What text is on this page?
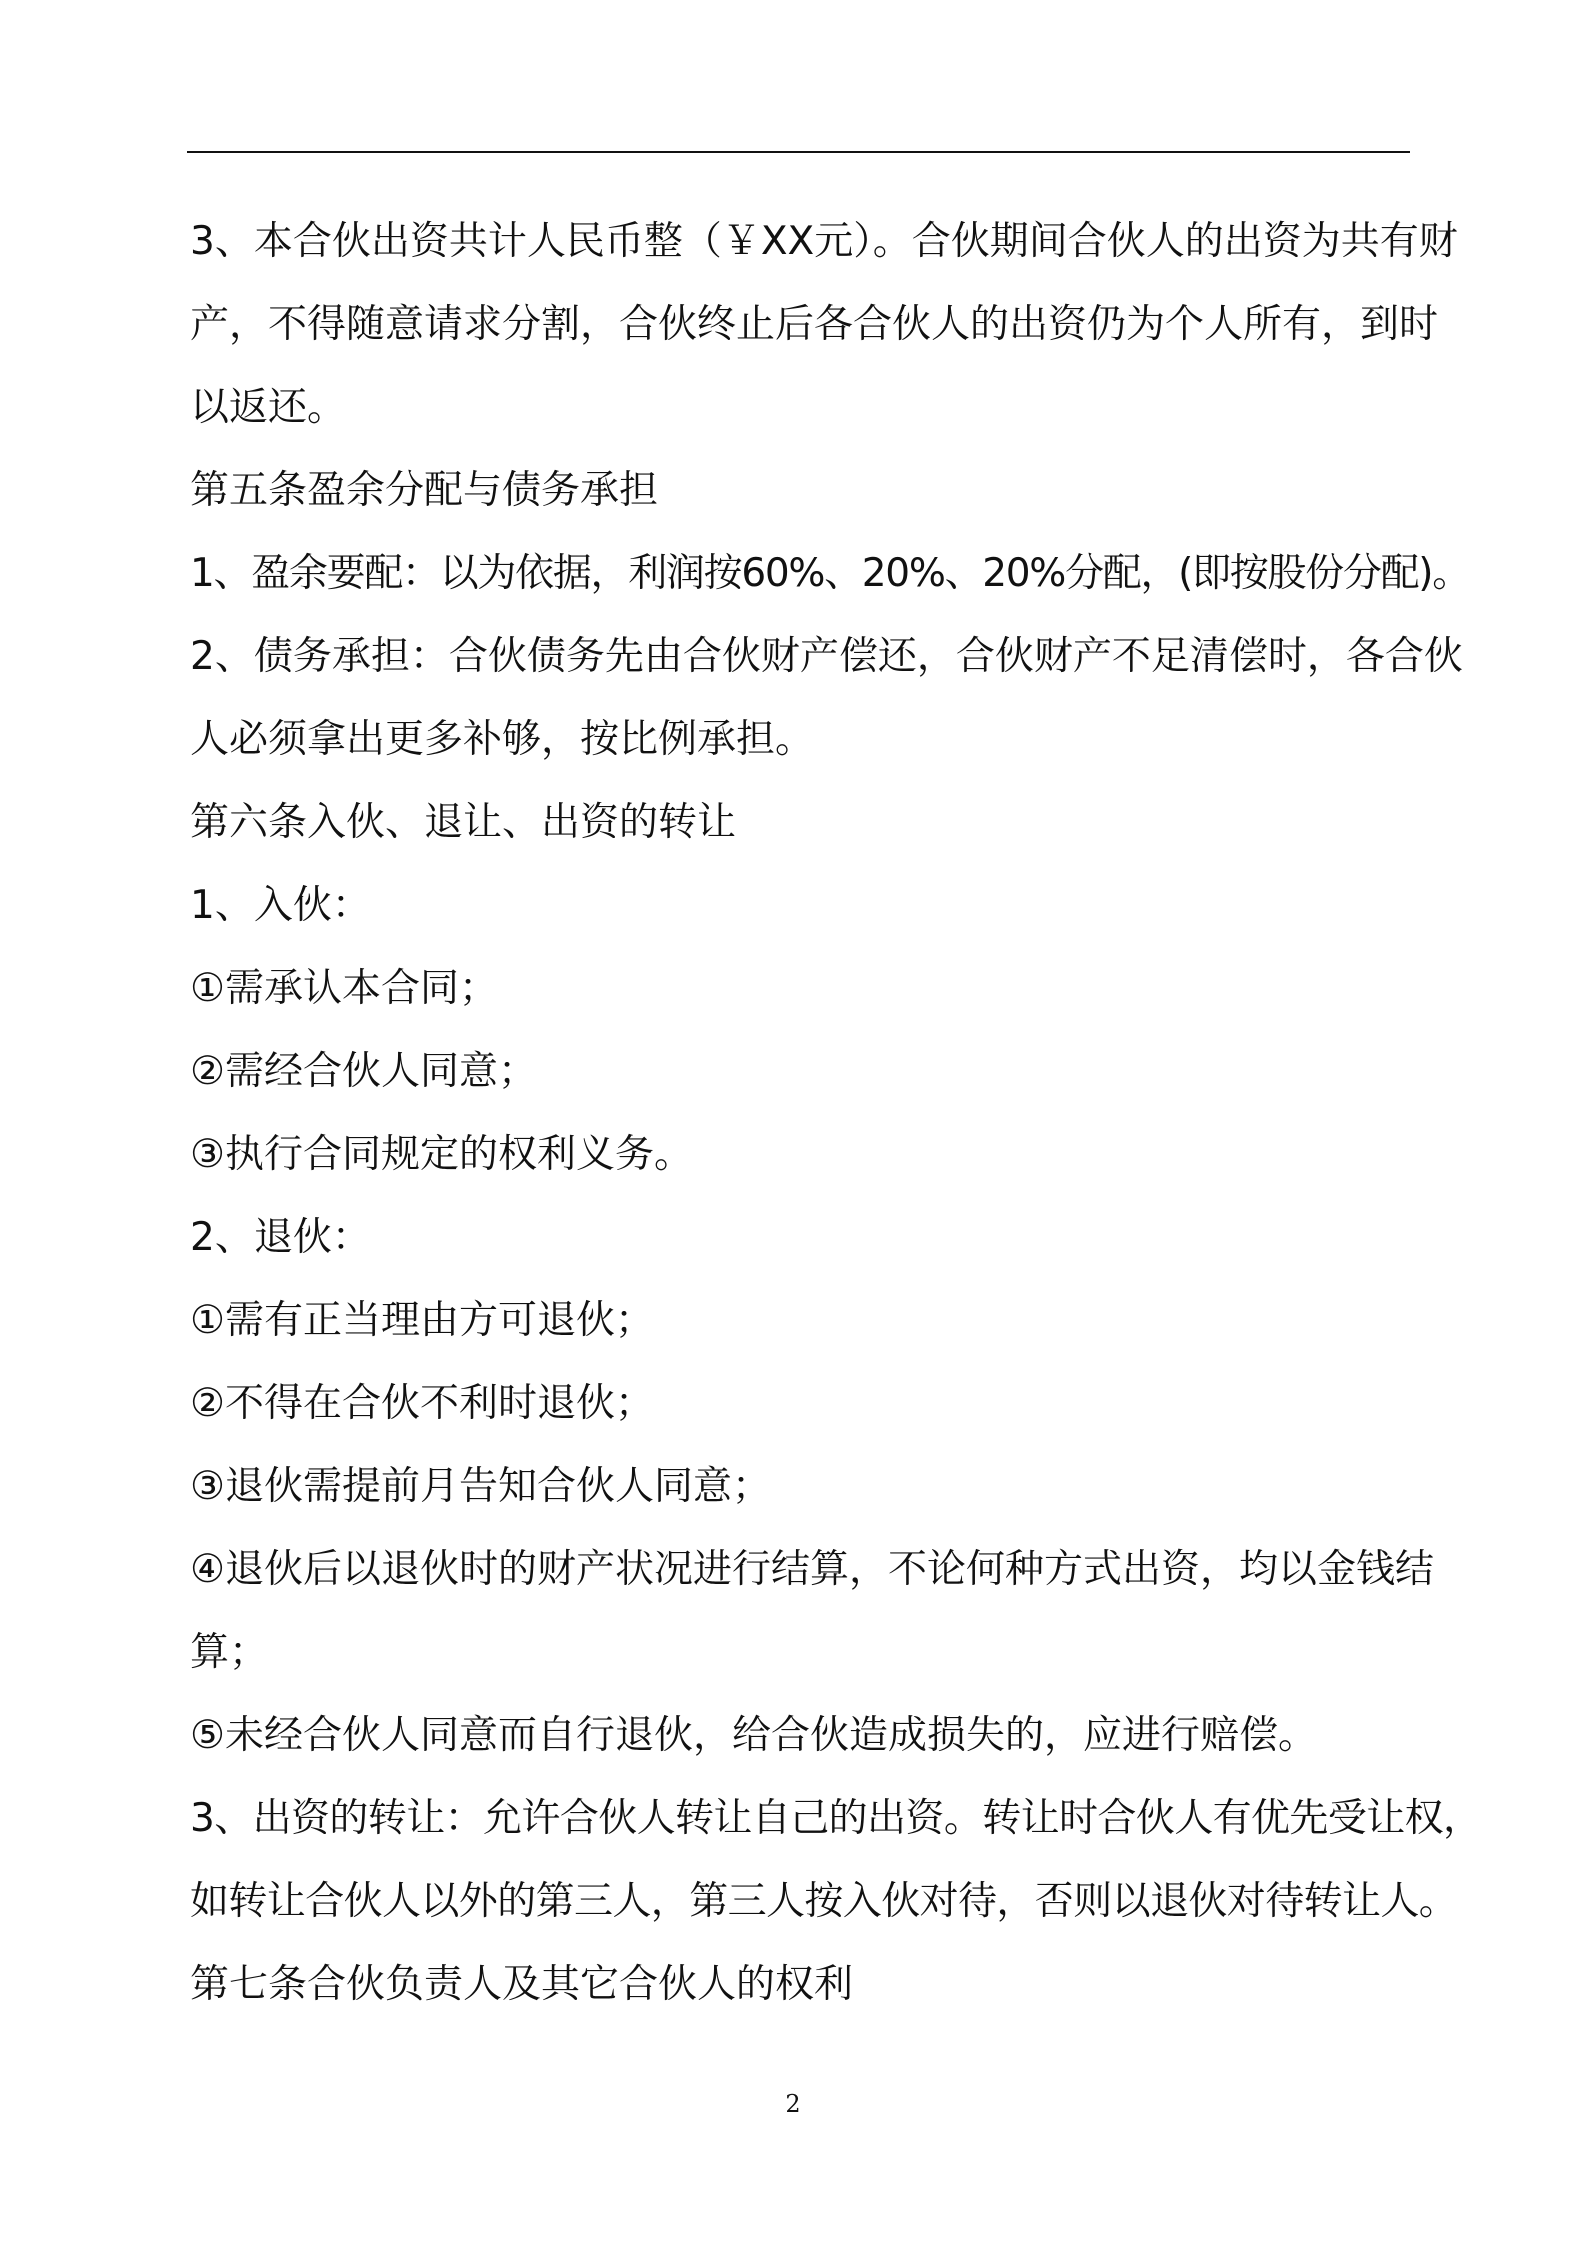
3、本合伙出资共计人民币整（￥XX元）。合伙期间合伙人的出资为共有财
产，不得随意请求分割，合伙终止后各合伙人的出资仍为个人所有，到时
以返还。
第五条盈余分配与债务承担
1、盈余要配：以为依据，利润按60%、20%、20%分配，(即按股份分配)。
2、债务承担：合伙债务先由合伙财产偿还，合伙财产不足清偿时，各合伙
人必须拿出更多补够，按比例承担。
第六条入伙、退让、出资的转让
1、入伙：
①需承认本合同；
②需经合伙人同意；
③执行合同规定的权利义务。
2、退伙：
①需有正当理由方可退伙；
②不得在合伙不利时退伙；
③退伙需提前月告知合伙人同意；
④退伙后以退伙时的财产状况进行结算，不论何种方式出资，均以金钱结
算；
⑤未经合伙人同意而自行退伙，给合伙造成损失的，应进行赔偿。
3、出资的转让：允许合伙人转让自己的出资。转让时合伙人有优先受让权，
如转让合伙人以外的第三人，第三人按入伙对待，否则以退伙对待转让人。
第七条合伙负责人及其它合伙人的权利
2
